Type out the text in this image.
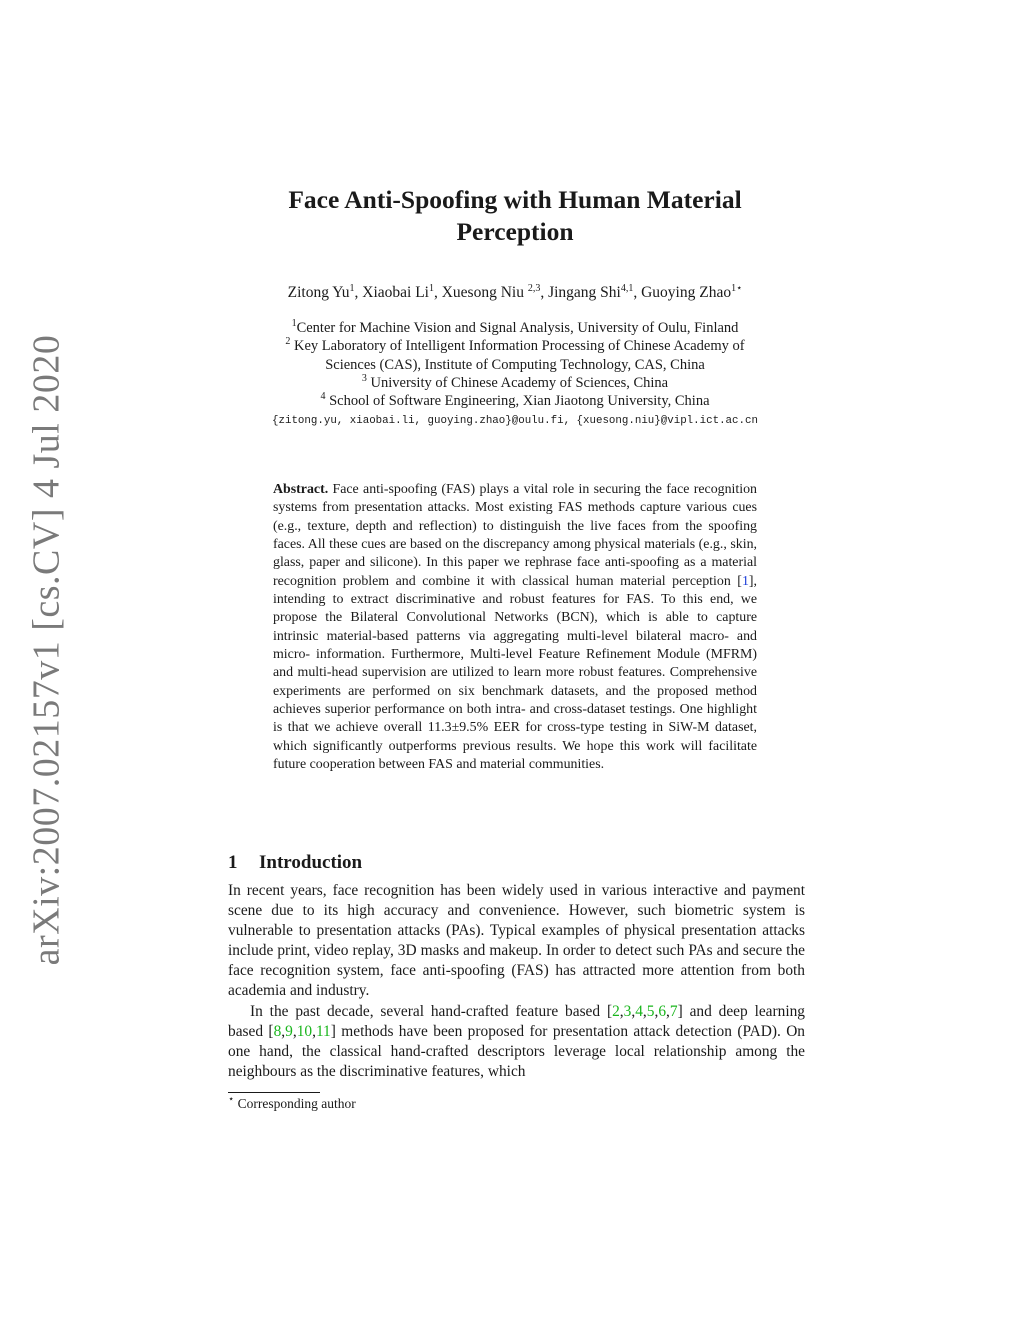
arXiv:2007.02157v1 [cs.CV] 4 Jul 2020
Face Anti-Spoofing with Human Material
Perception
Zitong Yu$^1$, Xiaobai Li$^1$, Xuesong Niu $^{2,3}$, Jingang Shi$^{4,1}$, Guoying Zhao$^{1⋆}$
$^1$Center for Machine Vision and Signal Analysis, University of Oulu, Finland
$^2$ Key Laboratory of Intelligent Information Processing of Chinese Academy of
Sciences (CAS), Institute of Computing Technology, CAS, China
$^3$ University of Chinese Academy of Sciences, China
$^4$ School of Software Engineering, Xian Jiaotong University, China
{zitong.yu, xiaobai.li, guoying.zhao}@oulu.fi, {xuesong.niu}@vipl.ict.ac.cn
Abstract. Face anti-spoofing (FAS) plays a vital role in securing the face recognition systems from presentation attacks. Most existing FAS methods capture various cues (e.g., texture, depth and reflection) to distinguish the live faces from the spoofing faces. All these cues are based on the discrepancy among physical materials (e.g., skin, glass, paper and silicone). In this paper we rephrase face anti-spoofing as a material recognition problem and combine it with classical human material perception [1], intending to extract discriminative and robust features for FAS. To this end, we propose the Bilateral Convolutional Networks (BCN), which is able to capture intrinsic material-based patterns via aggregating multi-level bilateral macro- and micro- information. Furthermore, Multi-level Feature Refinement Module (MFRM) and multi-head supervision are utilized to learn more robust features. Comprehensive experiments are performed on six benchmark datasets, and the proposed method achieves superior performance on both intra- and cross-dataset testings. One highlight is that we achieve overall 11.3±9.5% EER for cross-type testing in SiW-M dataset, which significantly outperforms previous results. We hope this work will facilitate future cooperation between FAS and material communities.
1 Introduction

In recent years, face recognition has been widely used in various interactive and payment scene due to its high accuracy and convenience. However, such biometric system is vulnerable to presentation attacks (PAs). Typical examples of physical presentation attacks include print, video replay, 3D masks and makeup. In order to detect such PAs and secure the face recognition system, face anti-spoofing (FAS) has attracted more attention from both academia and industry.

In the past decade, several hand-crafted feature based [2,3,4,5,6,7] and deep learning based [8,9,10,11] methods have been proposed for presentation attack detection (PAD). On one hand, the classical hand-crafted descriptors leverage local relationship among the neighbours as the discriminative features, which

⋆ Corresponding author
